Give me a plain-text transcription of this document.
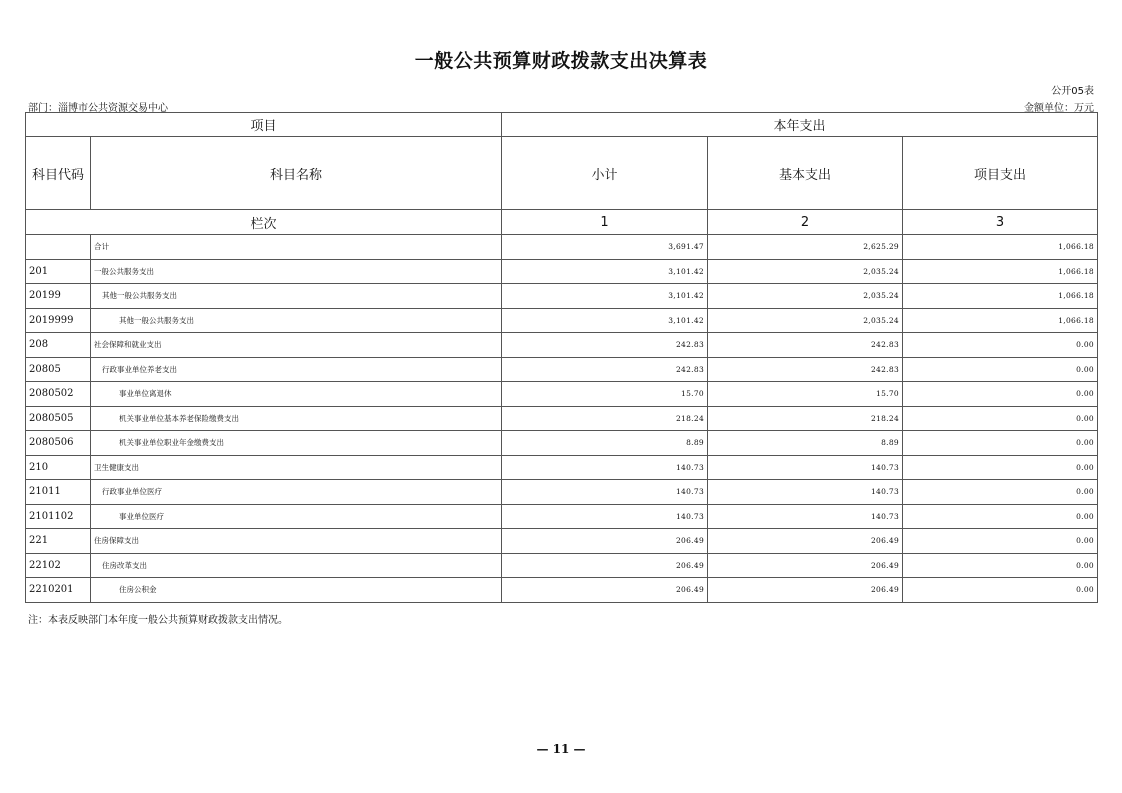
一般公共预算财政拨款支出决算表
公开05表
部门：淄博市公共资源交易中心	金额单位：万元
项目		本年支出		
科目代码	科目名称	小计	基本支出	项目支出
栏次		1	2	3
	合计	3,691.47	2,625.29	1,066.18
201	一般公共服务支出	3,101.42	2,035.24	1,066.18
20199	其他一般公共服务支出	3,101.42	2,035.24	1,066.18
2019999	其他一般公共服务支出	3,101.42	2,035.24	1,066.18
208	社会保障和就业支出	242.83	242.83	0.00
20805	行政事业单位养老支出	242.83	242.83	0.00
2080502	事业单位离退休	15.70	15.70	0.00
2080505	机关事业单位基本养老保险缴费支出	218.24	218.24	0.00
2080506	机关事业单位职业年金缴费支出	8.89	8.89	0.00
210	卫生健康支出	140.73	140.73	0.00
21011	行政事业单位医疗	140.73	140.73	0.00
2101102	事业单位医疗	140.73	140.73	0.00
221	住房保障支出	206.49	206.49	0.00
22102	住房改革支出	206.49	206.49	0.00
2210201	住房公积金	206.49	206.49	0.00
注：本表反映部门本年度一般公共预算财政拨款支出情况。
— 11 —
